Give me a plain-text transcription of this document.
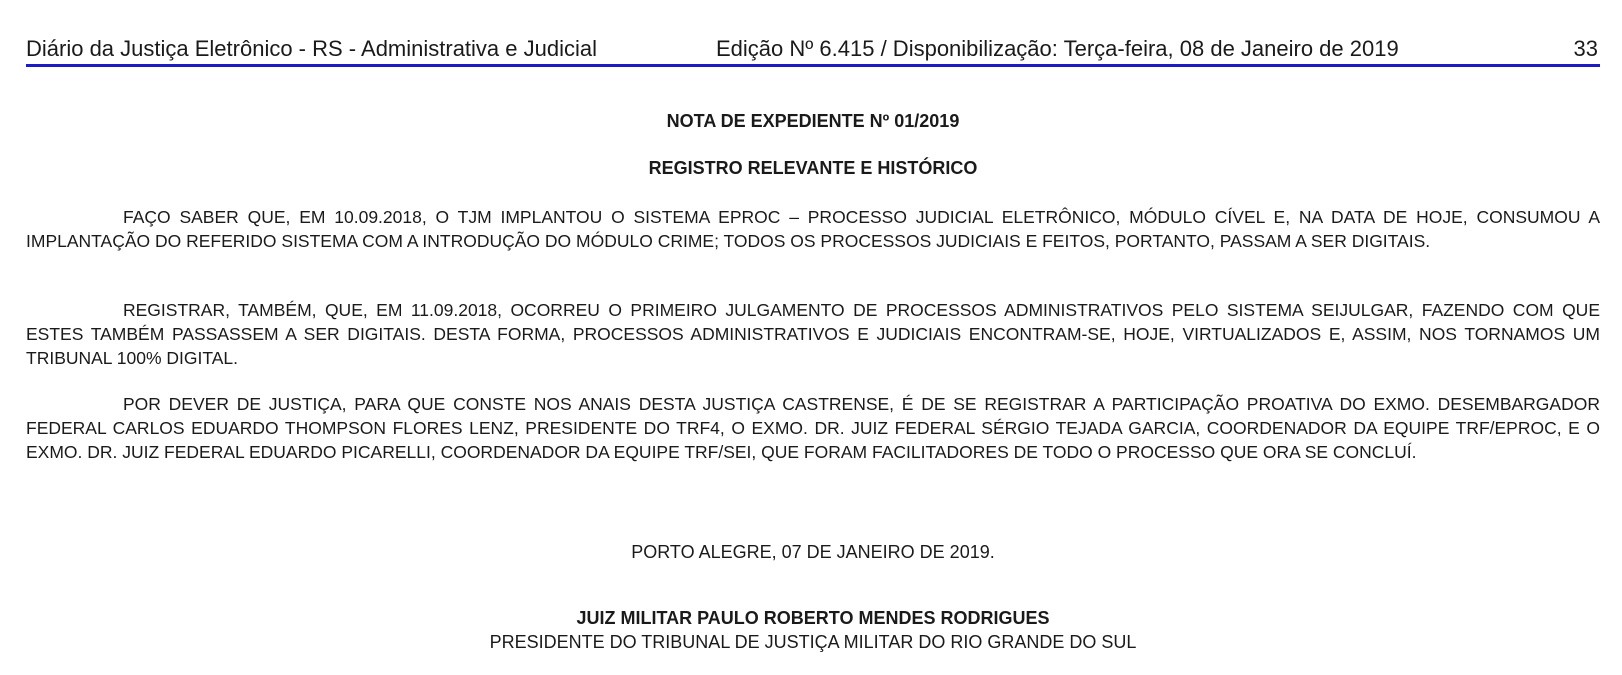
Diário da Justiça Eletrônico - RS - Administrativa e Judicial	Edição Nº 6.415 / Disponibilização: Terça-feira, 08 de Janeiro de 2019	33
NOTA DE EXPEDIENTE Nº 01/2019
REGISTRO RELEVANTE E HISTÓRICO

FAÇO SABER QUE, EM 10.09.2018, O TJM IMPLANTOU O SISTEMA EPROC – PROCESSO JUDICIAL ELETRÔNICO, MÓDULO CÍVEL E, NA DATA DE HOJE, CONSUMOU A IMPLANTAÇÃO DO REFERIDO SISTEMA COM A INTRODUÇÃO DO MÓDULO CRIME; TODOS OS PROCESSOS JUDICIAIS E FEITOS, PORTANTO, PASSAM A SER DIGITAIS.

REGISTRAR, TAMBÉM, QUE, EM 11.09.2018, OCORREU O PRIMEIRO JULGAMENTO DE PROCESSOS ADMINISTRATIVOS PELO SISTEMA SEIJULGAR, FAZENDO COM QUE ESTES TAMBÉM PASSASSEM A SER DIGITAIS. DESTA FORMA, PROCESSOS ADMINISTRATIVOS E JUDICIAIS ENCONTRAM-SE, HOJE, VIRTUALIZADOS E, ASSIM, NOS TORNAMOS UM TRIBUNAL 100% DIGITAL.

POR DEVER DE JUSTIÇA, PARA QUE CONSTE NOS ANAIS DESTA JUSTIÇA CASTRENSE, É DE SE REGISTRAR A PARTICIPAÇÃO PROATIVA DO EXMO. DESEMBARGADOR FEDERAL CARLOS EDUARDO THOMPSON FLORES LENZ, PRESIDENTE DO TRF4, O EXMO. DR. JUIZ FEDERAL SÉRGIO TEJADA GARCIA, COORDENADOR DA EQUIPE TRF/EPROC, E O EXMO. DR. JUIZ FEDERAL EDUARDO PICARELLI, COORDENADOR DA EQUIPE TRF/SEI, QUE FORAM FACILITADORES DE TODO O PROCESSO QUE ORA SE CONCLUÍ.

PORTO ALEGRE, 07 DE JANEIRO DE 2019.
JUIZ MILITAR PAULO ROBERTO MENDES RODRIGUES
PRESIDENTE DO TRIBUNAL DE JUSTIÇA MILITAR DO RIO GRANDE DO SUL
